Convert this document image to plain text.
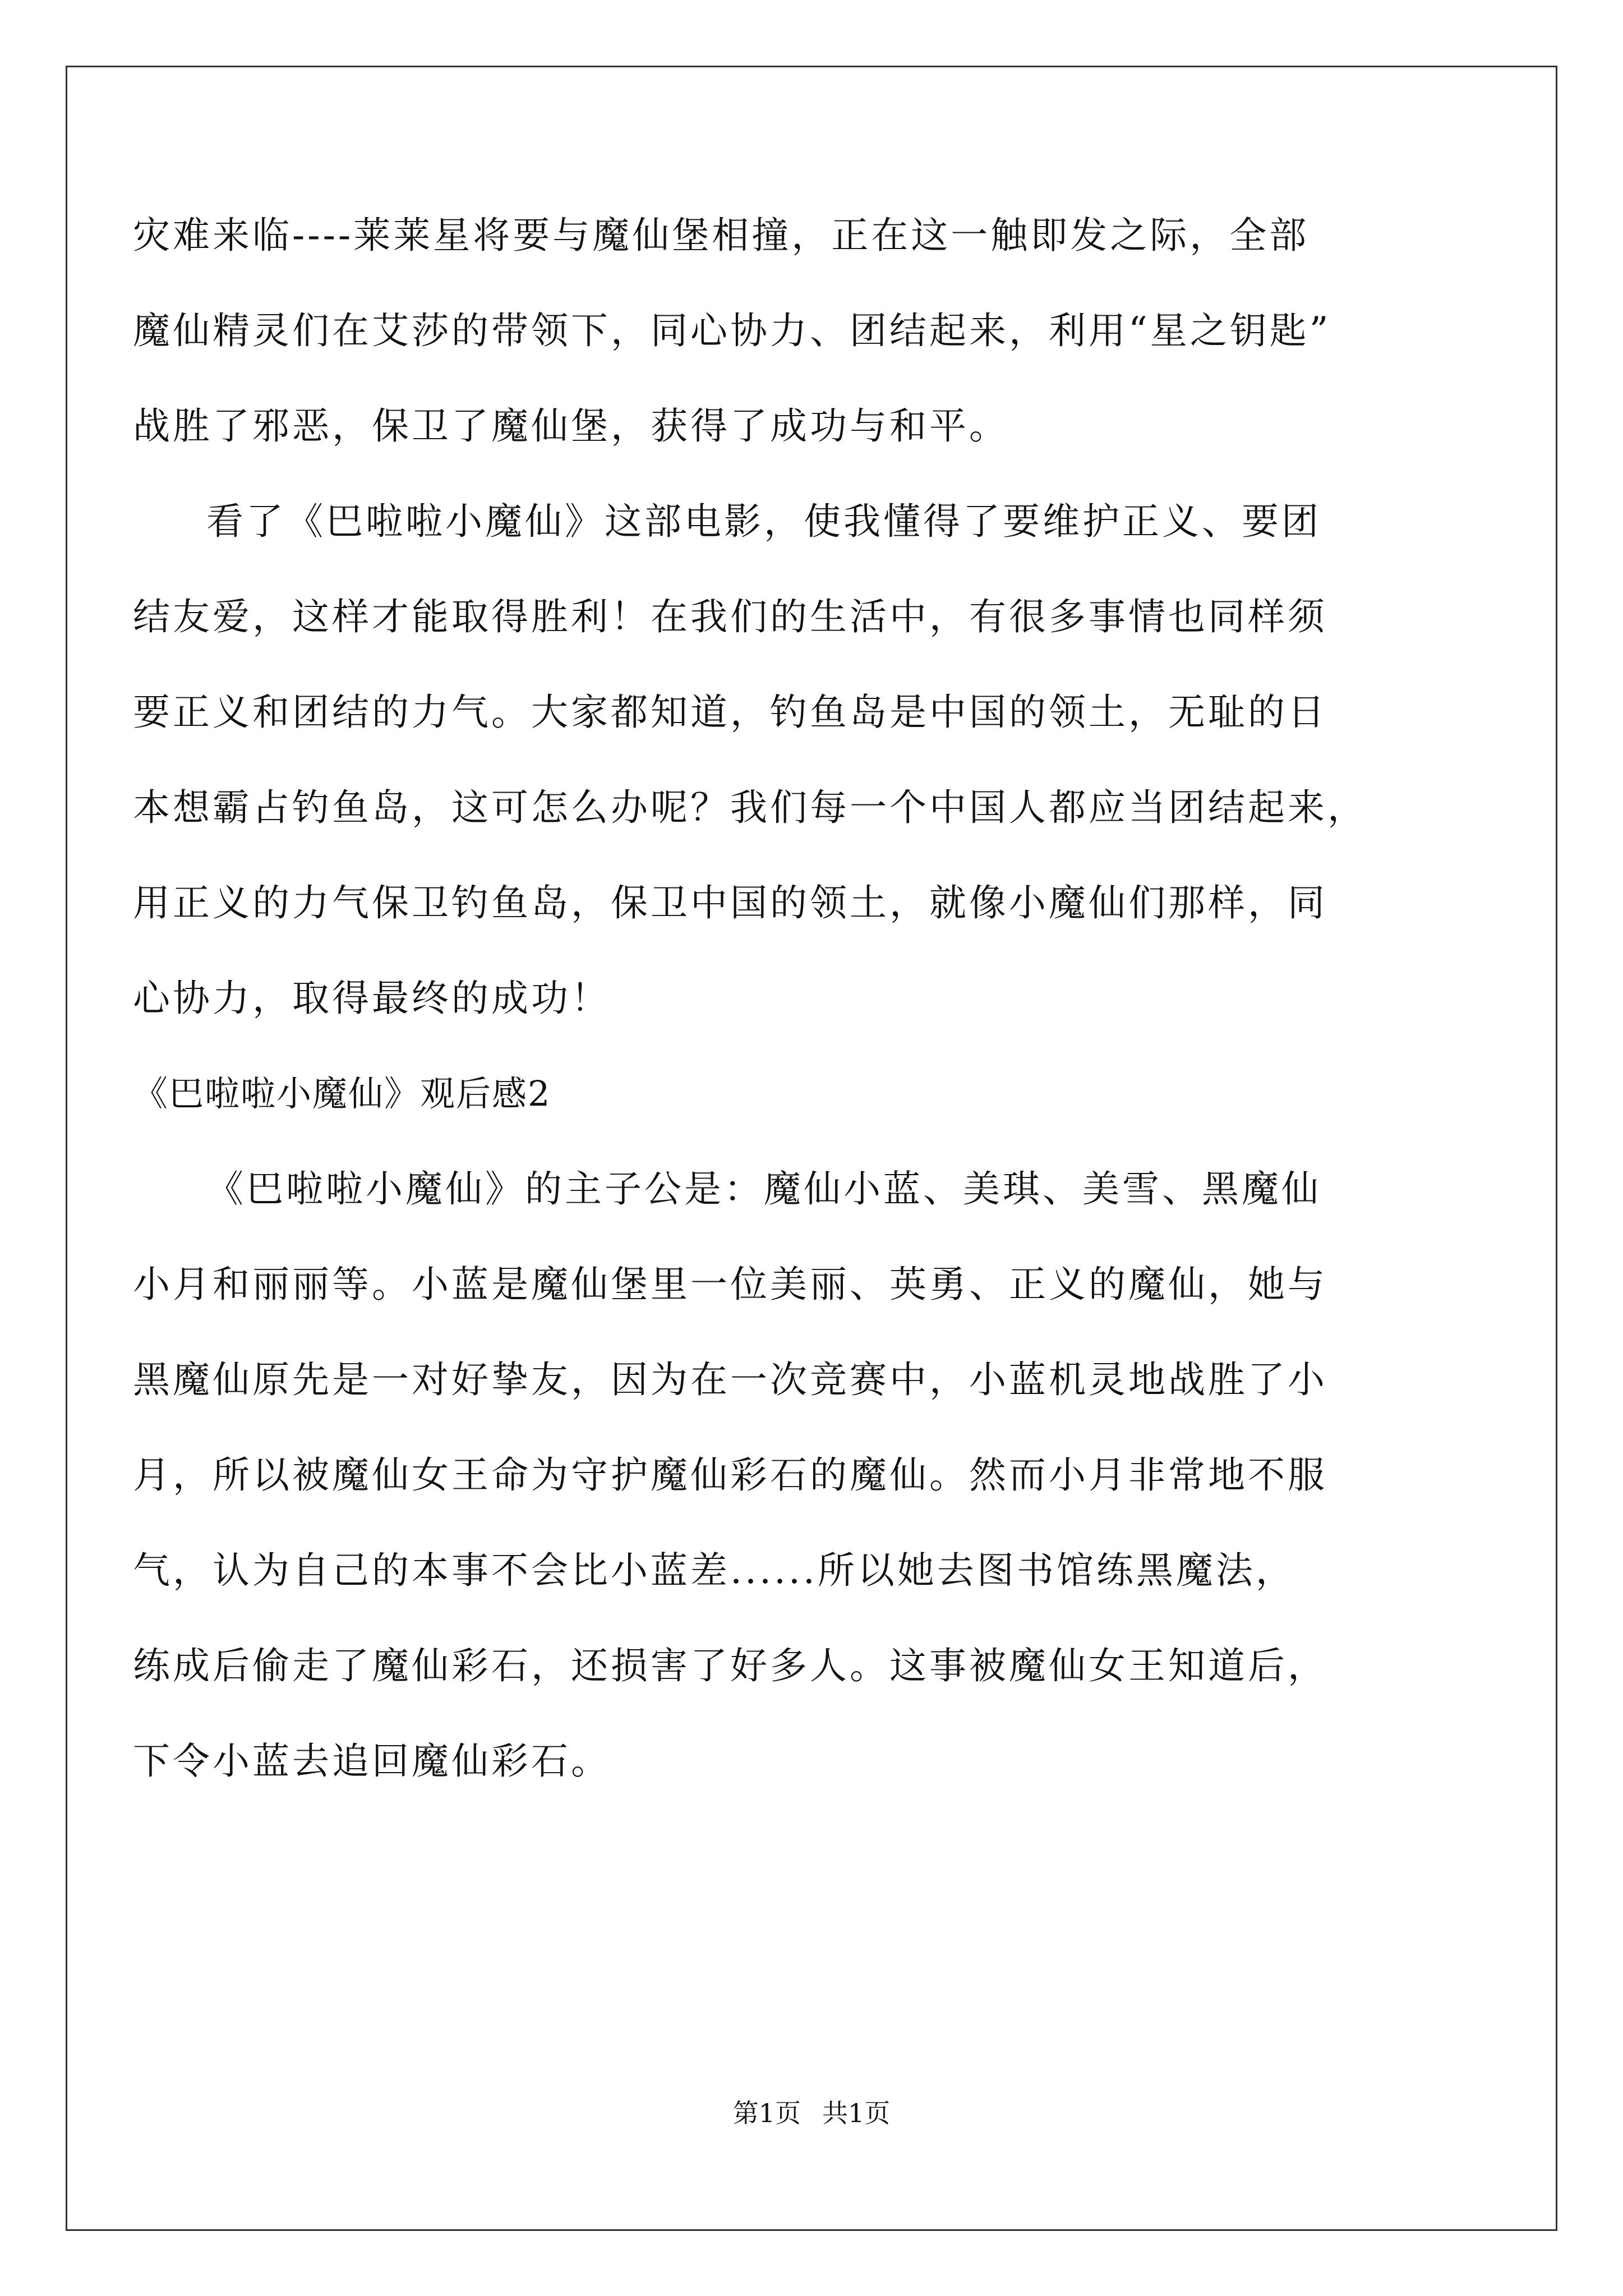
灾难来临----莱莱星将要与魔仙堡相撞，正在这一触即发之际，全部
魔仙精灵们在艾莎的带领下，同心协力、团结起来，利用“星之钥匙”
战胜了邪恶，保卫了魔仙堡，获得了成功与和平。
看了《巴啦啦小魔仙》这部电影，使我懂得了要维护正义、要团
结友爱，这样才能取得胜利！在我们的生活中，有很多事情也同样须
要正义和团结的力气。大家都知道，钓鱼岛是中国的领土，无耻的日
本想霸占钓鱼岛，这可怎么办呢？我们每一个中国人都应当团结起来，
用正义的力气保卫钓鱼岛，保卫中国的领土，就像小魔仙们那样，同
心协力，取得最终的成功！
《巴啦啦小魔仙》观后感2
《巴啦啦小魔仙》的主子公是：魔仙小蓝、美琪、美雪、黑魔仙
小月和丽丽等。小蓝是魔仙堡里一位美丽、英勇、正义的魔仙，她与
黑魔仙原先是一对好挚友，因为在一次竞赛中，小蓝机灵地战胜了小
月，所以被魔仙女王命为守护魔仙彩石的魔仙。然而小月非常地不服
气，认为自己的本事不会比小蓝差......所以她去图书馆练黑魔法，
练成后偷走了魔仙彩石，还损害了好多人。这事被魔仙女王知道后，
下令小蓝去追回魔仙彩石。
第1页 共1页
